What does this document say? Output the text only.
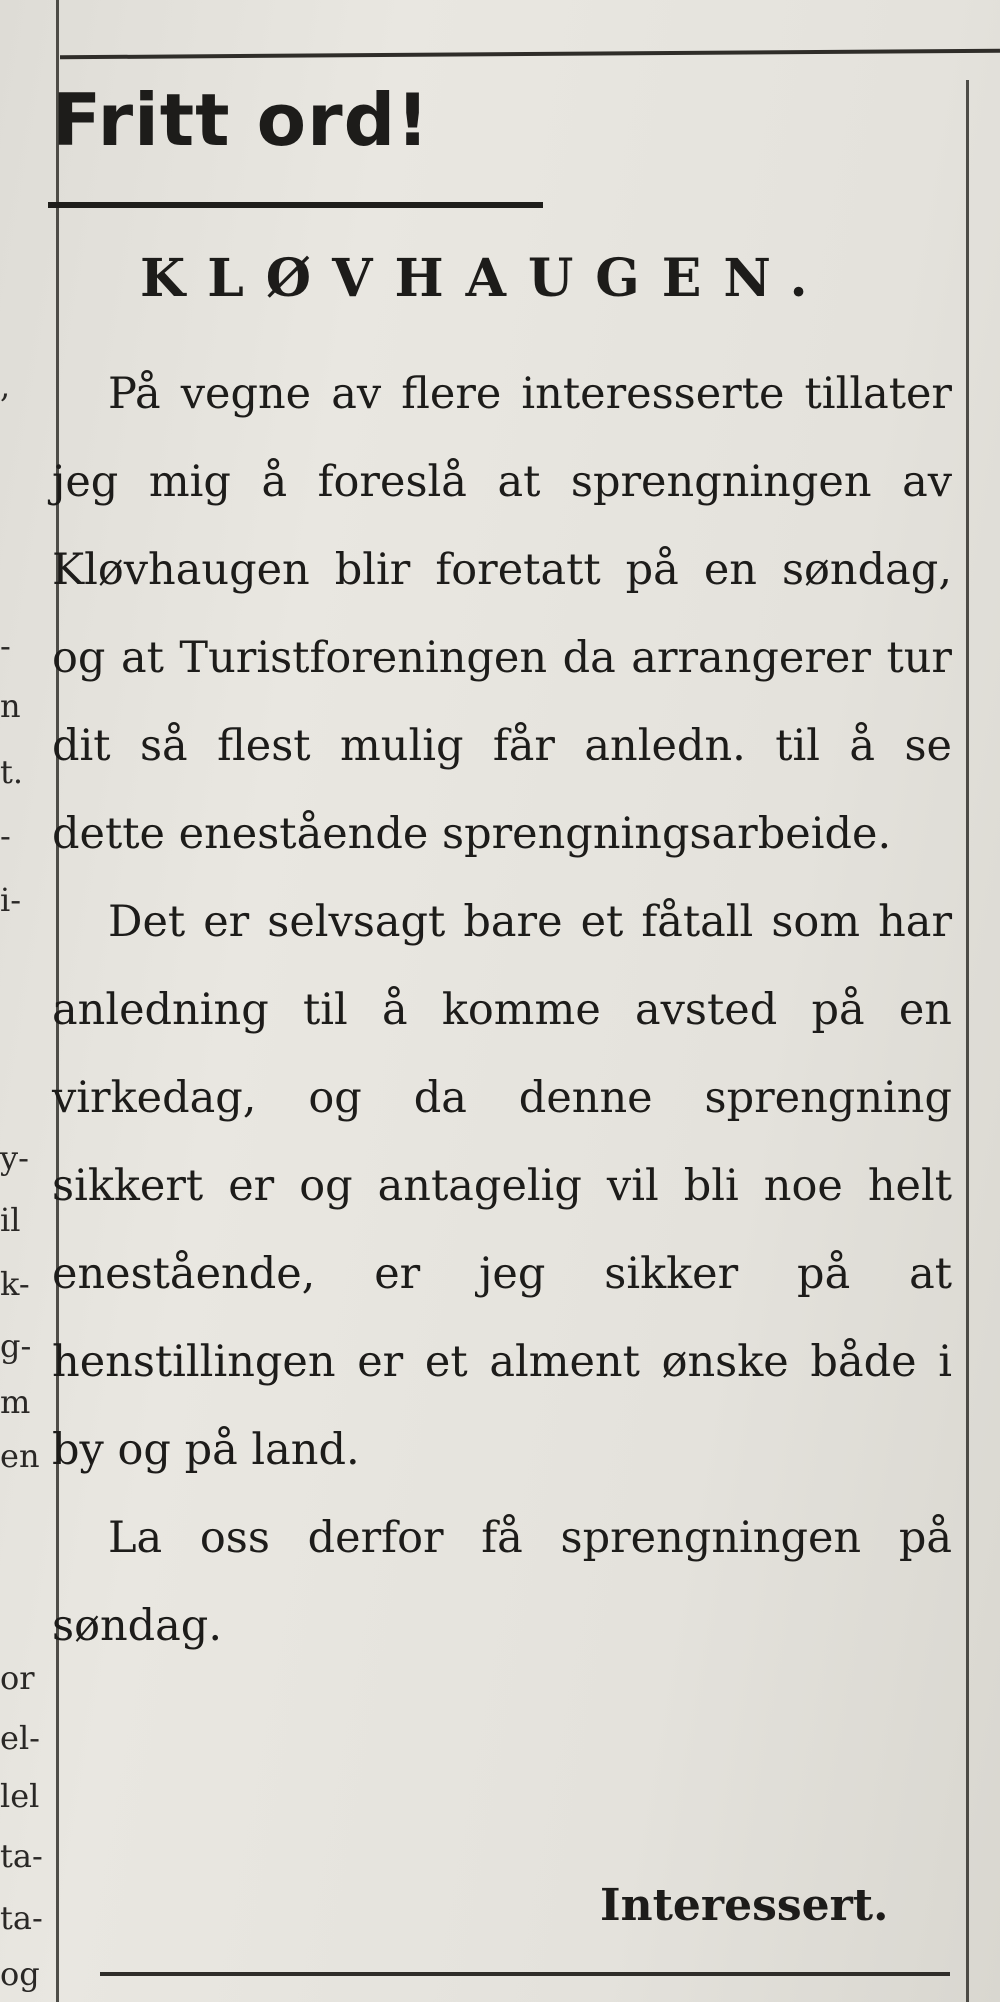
,
-
n
t.
-
i-
y-
il
k-
g-
m
en
or
el-
lel
ta-
ta-
og
Fritt ord!
KLØVHAUGEN.

På vegne av flere interesserte tillater jeg mig å foreslå at sprengningen av Kløvhaugen blir foretatt på en søndag, og at Turistforeningen da arrangerer tur dit så flest mulig får anledn. til å se dette enestående sprengningsarbeide.

Det er selvsagt bare et fåtall som har anledning til å komme avsted på en virkedag, og da denne sprengning sikkert er og antagelig vil bli noe helt enestående, er jeg sikker på at henstillingen er et alment ønske både i by og på land.

La oss derfor få sprengningen på søndag.

Interessert.
